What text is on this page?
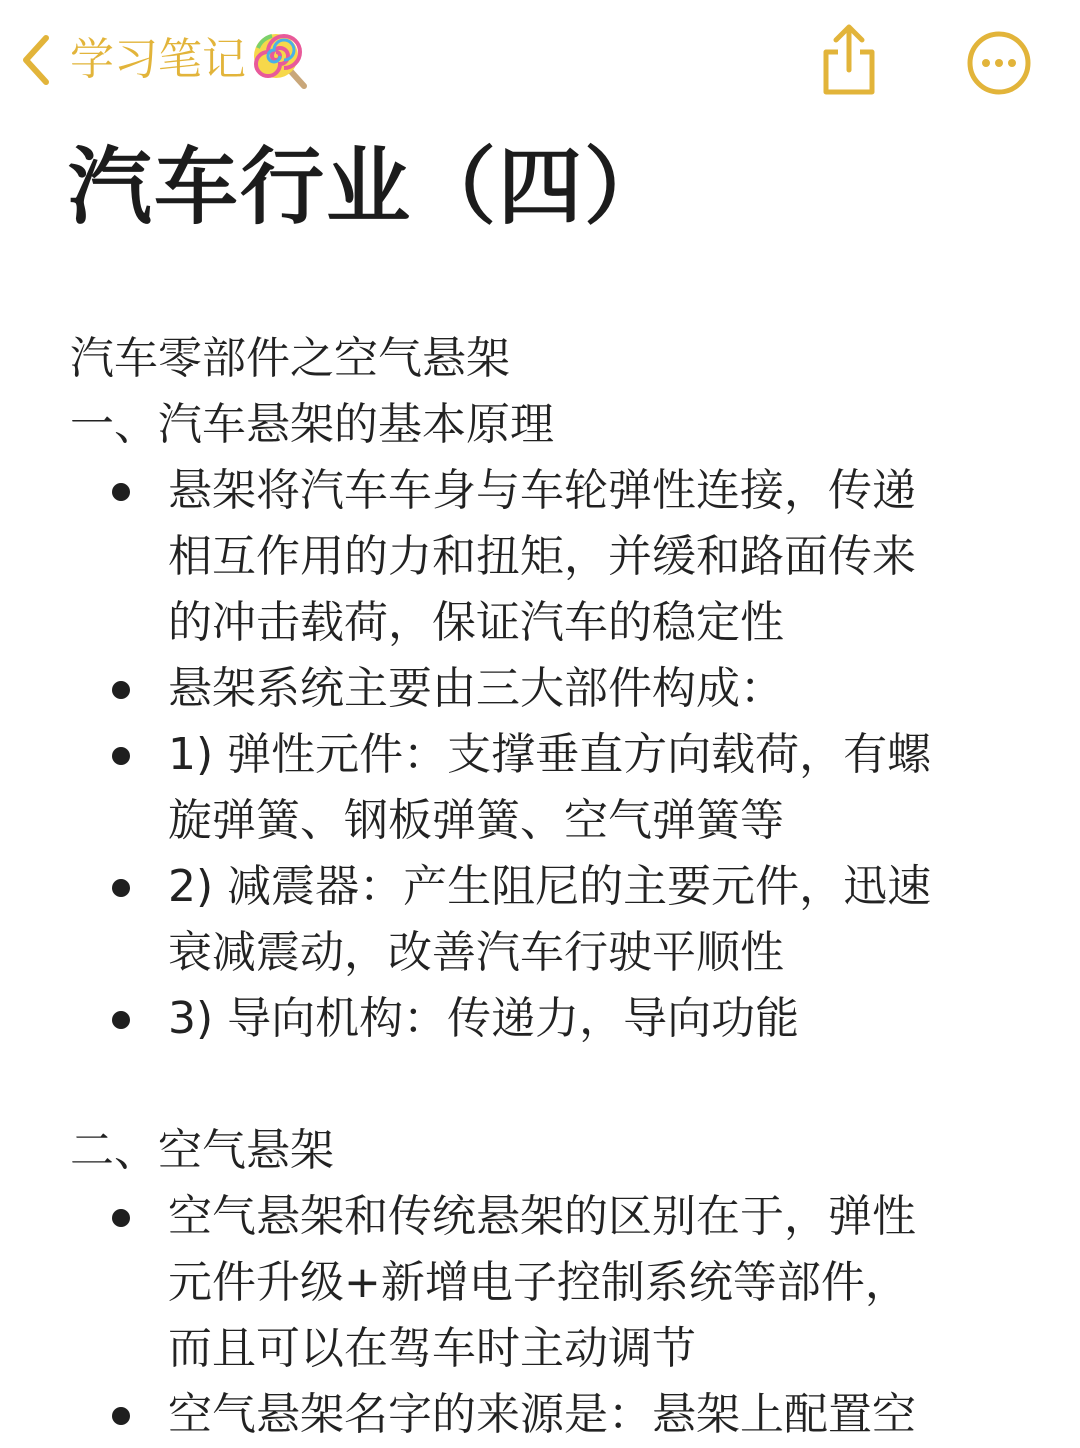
学习笔记
汽车行业（四）

汽车零部件之空气悬架

一、汽车悬架的基本原理

悬架将汽车车身与车轮弹性连接，传递
相互作用的力和扭矩，并缓和路面传来
的冲击载荷，保证汽车的稳定性
悬架系统主要由三大部件构成：
1) 弹性元件：支撑垂直方向载荷，有螺
旋弹簧、钢板弹簧、空气弹簧等
2) 减震器：产生阻尼的主要元件，迅速
衰减震动，改善汽车行驶平顺性
3) 导向机构：传递力，导向功能

二、空气悬架

空气悬架和传统悬架的区别在于，弹性
元件升级+新增电子控制系统等部件，
而且可以在驾车时主动调节
空气悬架名字的来源是：悬架上配置空
